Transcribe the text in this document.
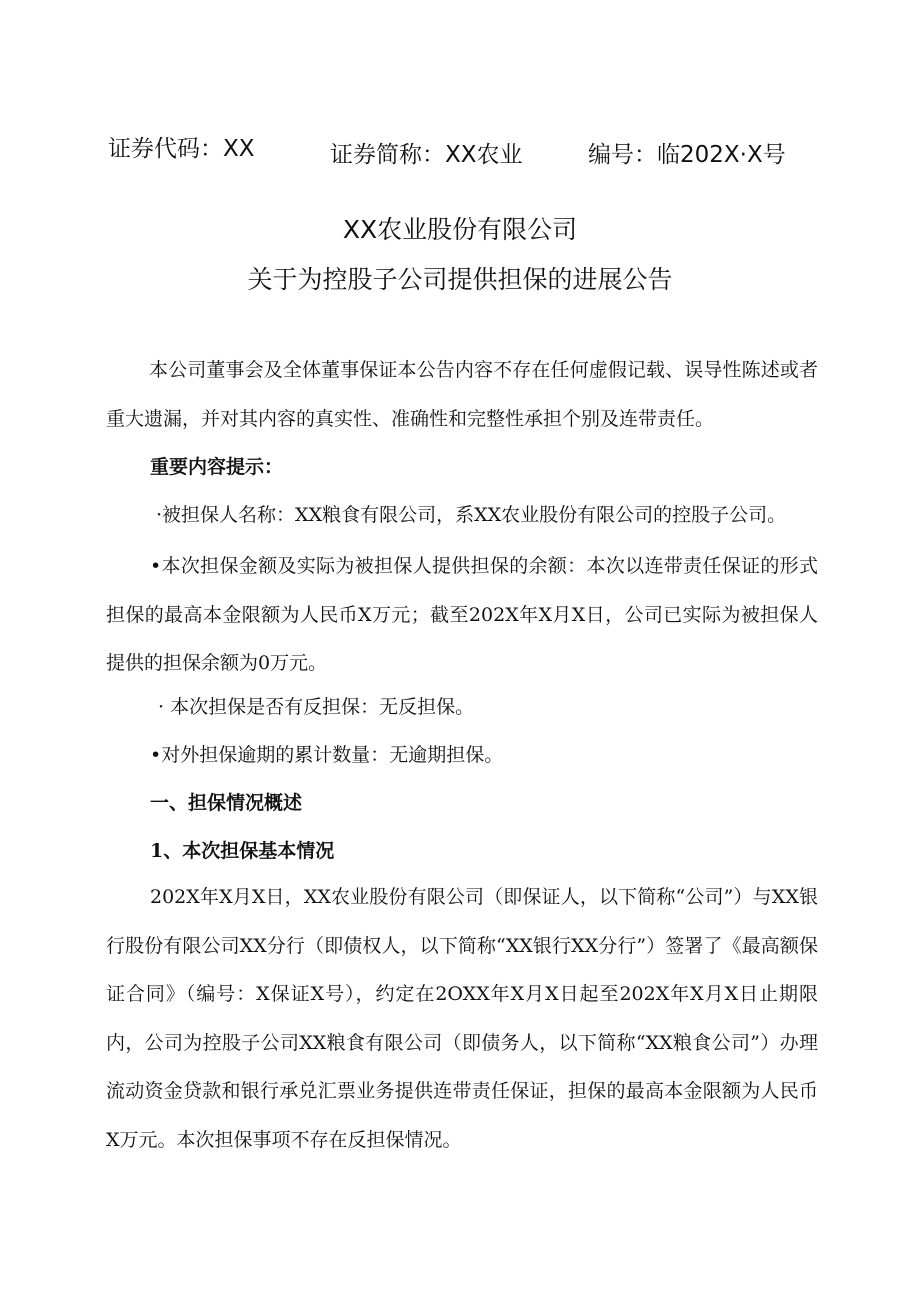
证券代码：XX	证券简称：XX农业	编号：临202X·X号
XX农业股份有限公司
关于为控股子公司提供担保的进展公告
本公司董事会及全体董事保证本公告内容不存在任何虚假记载、误导性陈述或者重大遗漏，并对其内容的真实性、准确性和完整性承担个别及连带责任。
重要内容提示：
·被担保人名称：XX粮食有限公司，系XX农业股份有限公司的控股子公司。
•本次担保金额及实际为被担保人提供担保的余额：本次以连带责任保证的形式担保的最高本金限额为人民币X万元；截至202X年X月X日，公司已实际为被担保人提供的担保余额为0万元。
· 本次担保是否有反担保：无反担保。
•对外担保逾期的累计数量：无逾期担保。
一、担保情况概述
1、本次担保基本情况
202X年X月X日，XX农业股份有限公司（即保证人，以下简称“公司”）与XX银行股份有限公司XX分行（即债权人，以下简称“XX银行XX分行”）签署了《最高额保证合同》（编号：X保证X号），约定在2OXX年X月X日起至202X年X月X日止期限内，公司为控股子公司XX粮食有限公司（即债务人，以下简称“XX粮食公司”）办理流动资金贷款和银行承兑汇票业务提供连带责任保证，担保的最高本金限额为人民币X万元。本次担保事项不存在反担保情况。
